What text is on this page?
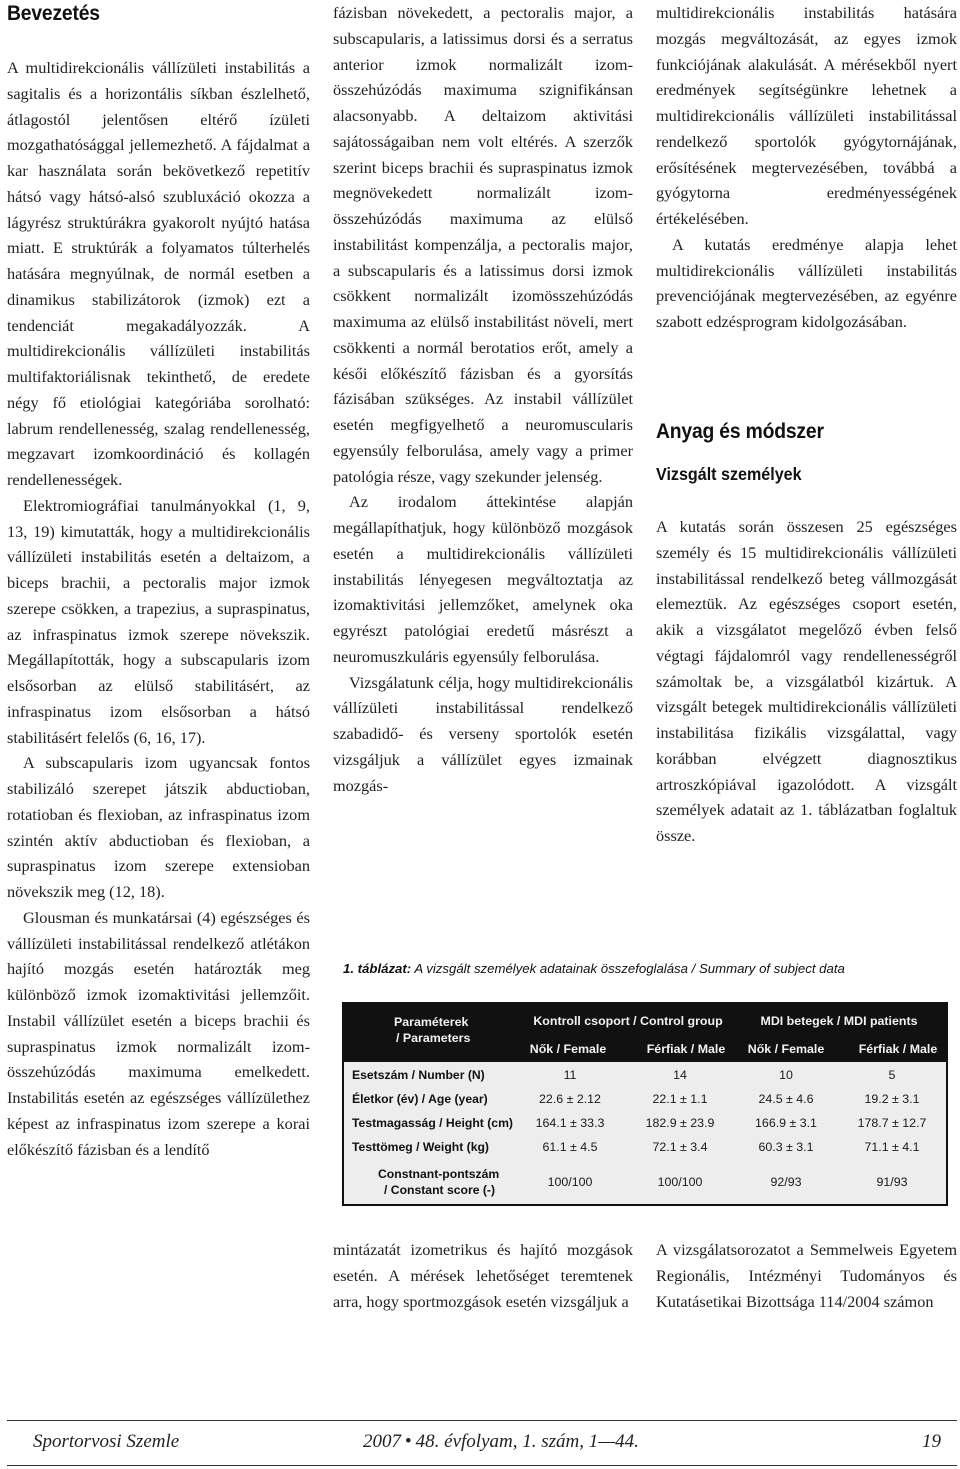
Bevezetés

A multidirekcionális vállízületi instabilitás a sagitalis és a horizontális síkban észlelhető, átlagostól jelentősen eltérő ízületi mozgathatósággal jellemezhető. A fájdalmat a kar használata során bekövetkező repetitív hátsó vagy hátsó-alsó szubluxáció okozza a lágyrész struktúrákra gyakorolt nyújtó hatása miatt. E struktúrák a folyamatos túlterhelés hatására megnyúlnak, de normál esetben a dinamikus stabilizátorok (izmok) ezt a tendenciát megakadályozzák. A multidirekcionális vállízületi instabilitás multifaktoriálisnak tekinthető, de eredete négy fő etiológiai kategóriába sorolható: labrum rendellenesség, szalag rendellenesség, megzavart izomkoordináció és kollagén rendellenességek.

Elektromiográfiai tanulmányokkal (1, 9, 13, 19) kimutatták, hogy a multidirekcionális vállízületi instabilitás esetén a deltaizom, a biceps brachii, a pectoralis major izmok szerepe csökken, a trapezius, a supraspinatus, az infraspinatus izmok szerepe növekszik. Megállapították, hogy a subscapularis izom elsősorban az elülső stabilitásért, az infraspinatus izom elsősorban a hátsó stabilitásért felelős (6, 16, 17).

A subscapularis izom ugyancsak fontos stabilizáló szerepet játszik abductioban, rotatioban és flexioban, az infraspinatus izom szintén aktív abductioban és flexioban, a supraspinatus izom szerepe extensioban növekszik meg (12, 18).

Glousman és munkatársai (4) egészséges és vállízületi instabilitással rendelkező atlétákon hajító mozgás esetén határozták meg különböző izmok izomaktivitási jellemzőit. Instabil vállízület esetén a biceps brachii és supraspinatus izmok normalizált izom-összehúzódás maximuma emelkedett. Instabilitás esetén az egészséges vállízülethez képest az infraspinatus izom szerepe a korai előkészítő fázisban és a lendítő

fázisban növekedett, a pectoralis major, a subscapularis, a latissimus dorsi és a serratus anterior izmok normalizált izom-összehúzódás maximuma szignifikánsan alacsonyabb. A deltaizom aktivitási sajátosságaiban nem volt eltérés. A szerzők szerint biceps brachii és supraspinatus izmok megnövekedett normalizált izom-összehúzódás maximuma az elülső instabilitást kompenzálja, a pectoralis major, a subscapularis és a latissimus dorsi izmok csökkent normalizált izomösszehúzódás maximuma az elülső instabilitást növeli, mert csökkenti a normál berotatios erőt, amely a késői előkészítő fázisban és a gyorsítás fázisában szükséges. Az instabil vállízület esetén megfigyelhető a neuromuscularis egyensúly felborulása, amely vagy a primer patológia része, vagy szekunder jelenség.

Az irodalom áttekintése alapján megállapíthatjuk, hogy különböző mozgások esetén a multidirekcionális vállízületi instabilitás lényegesen megváltoztatja az izomaktivitási jellemzőket, amelynek oka egyrészt patológiai eredetű másrészt a neuromuszkuláris egyensúly felborulása.

Vizsgálatunk célja, hogy multidirekcionális vállízületi instabilitással rendelkező szabadidő- és verseny sportolók esetén vizsgáljuk a vállízület egyes izmainak mozgás-

multidirekcionális instabilitás hatására mozgás megváltozását, az egyes izmok funkciójának alakulását. A mérésekből nyert eredmények segítségünkre lehetnek a multidirekcionális vállízületi instabilitással rendelkező sportolók gyógytornájának, erősítésének megtervezésében, továbbá a gyógytorna eredményességének értékelésében.

A kutatás eredménye alapja lehet multidirekcionális vállízületi instabilitás prevenciójának megtervezésében, az egyénre szabott edzésprogram kidolgozásában.

Anyag és módszer
Vizsgált személyek

A kutatás során összesen 25 egészséges személy és 15 multidirekcionális vállízületi instabilitással rendelkező beteg vállmozgását elemeztük. Az egészséges csoport esetén, akik a vizsgálatot megelőző évben felső végtagi fájdalomról vagy rendellenességről számoltak be, a vizsgálatból kizártuk. A vizsgált betegek multidirekcionális vállízületi instabilitása fizikális vizsgálattal, vagy korábban elvégzett diagnosztikus artroszkópiával igazolódott. A vizsgált személyek adatait az 1. táblázatban foglaltuk össze.

1. táblázat: A vizsgált személyek adatainak összefoglalása / Summary of subject data
Paraméterek
/ Parameters
Kontroll csoport / Control group	MDI betegek / MDI patients
Nők / Female	Férfiak / Male	Nők / Female	Férfiak / Male
Esetszám / Number (N)	11	14	10	5
Életkor (év) / Age (year)	22.6 ± 2.12	22.1 ± 1.1	24.5 ± 4.6	19.2 ± 3.1
Testmagasság / Height (cm)	164.1 ± 33.3	182.9 ± 23.9	166.9 ± 3.1	178.7 ± 12.7
Testtömeg / Weight (kg)	61.1 ± 4.5	72.1 ± 3.4	60.3 ± 3.1	71.1 ± 4.1
Constnant-pontszám
/ Constant score (-)
100/100	100/100	92/93	91/93

mintázatát izometrikus és hajító mozgások esetén. A mérések lehetőséget teremtenek arra, hogy sportmozgások esetén vizsgáljuk a

A vizsgálatsorozatot a Semmelweis Egyetem Regionális, Intézményi Tudományos és Kutatásetikai Bizottsága 114/2004 számon

Sportorvosi Szemle	2007 • 48. évfolyam, 1. szám, 1—44.	19
